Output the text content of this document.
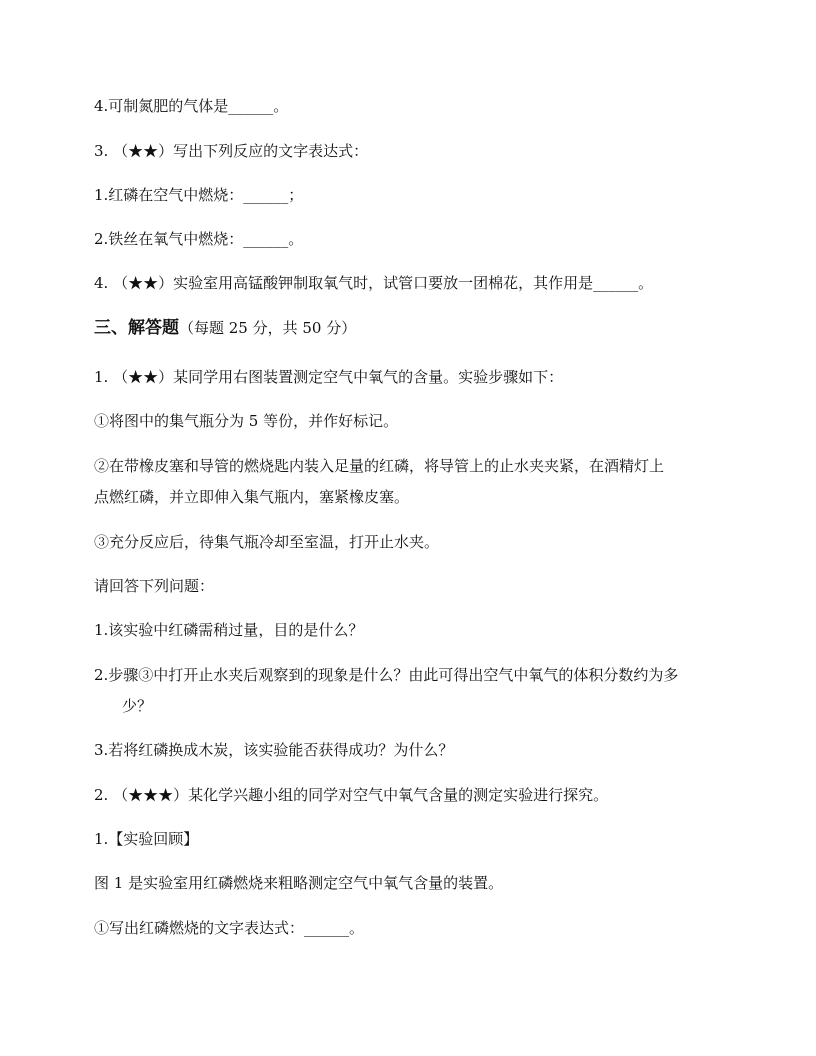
4.可制氮肥的气体是______。
3. （★★）写出下列反应的文字表达式：
1.红磷在空气中燃烧：______；
2.铁丝在氧气中燃烧：______。
4. （★★）实验室用高锰酸钾制取氧气时，试管口要放一团棉花，其作用是______。
三、解答题（每题 25 分，共 50 分）
1. （★★）某同学用右图装置测定空气中氧气的含量。实验步骤如下：
①将图中的集气瓶分为 5 等份，并作好标记。
②在带橡皮塞和导管的燃烧匙内装入足量的红磷，将导管上的止水夹夹紧，在酒精灯上
点燃红磷，并立即伸入集气瓶内，塞紧橡皮塞。
③充分反应后，待集气瓶冷却至室温，打开止水夹。
请回答下列问题：
1.该实验中红磷需稍过量，目的是什么？
2.步骤③中打开止水夹后观察到的现象是什么？由此可得出空气中氧气的体积分数约为多
少？
3.若将红磷换成木炭，该实验能否获得成功？为什么？
2. （★★★）某化学兴趣小组的同学对空气中氧气含量的测定实验进行探究。
1.【实验回顾】
图 1 是实验室用红磷燃烧来粗略测定空气中氧气含量的装置。
①写出红磷燃烧的文字表达式：______。
